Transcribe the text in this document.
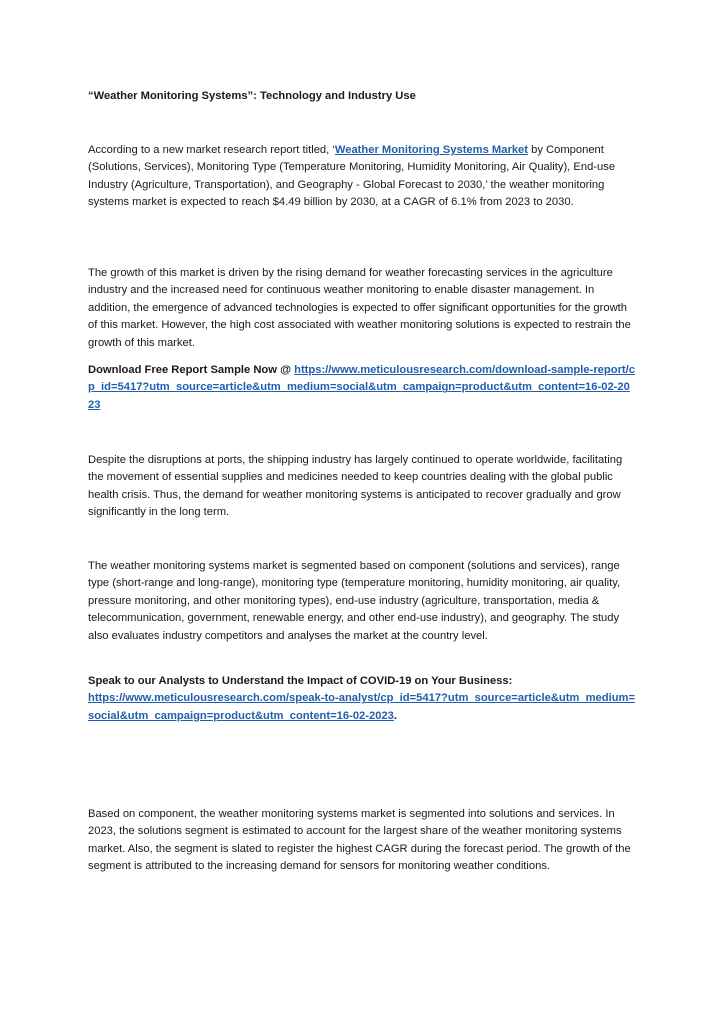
“Weather Monitoring Systems”: Technology and Industry Use

According to a new market research report titled, ‘Weather Monitoring Systems Market by Component (Solutions, Services), Monitoring Type (Temperature Monitoring, Humidity Monitoring, Air Quality), End-use Industry (Agriculture, Transportation), and Geography - Global Forecast to 2030,’ the weather monitoring systems market is expected to reach $4.49 billion by 2030, at a CAGR of 6.1% from 2023 to 2030.

The growth of this market is driven by the rising demand for weather forecasting services in the agriculture industry and the increased need for continuous weather monitoring to enable disaster management. In addition, the emergence of advanced technologies is expected to offer significant opportunities for the growth of this market. However, the high cost associated with weather monitoring solutions is expected to restrain the growth of this market.

Download Free Report Sample Now @ https://www.meticulousresearch.com/download-sample-report/cp_id=5417?utm_source=article&utm_medium=social&utm_campaign=product&utm_content=16-02-2023

Despite the disruptions at ports, the shipping industry has largely continued to operate worldwide, facilitating the movement of essential supplies and medicines needed to keep countries dealing with the global public health crisis. Thus, the demand for weather monitoring systems is anticipated to recover gradually and grow significantly in the long term.

The weather monitoring systems market is segmented based on component (solutions and services), range type (short-range and long-range), monitoring type (temperature monitoring, humidity monitoring, air quality, pressure monitoring, and other monitoring types), end-use industry (agriculture, transportation, media & telecommunication, government, renewable energy, and other end-use industry), and geography. The study also evaluates industry competitors and analyses the market at the country level.

Speak to our Analysts to Understand the Impact of COVID-19 on Your Business:

https://www.meticulousresearch.com/speak-to-analyst/cp_id=5417?utm_source=article&utm_medium=social&utm_campaign=product&utm_content=16-02-2023.

Based on component, the weather monitoring systems market is segmented into solutions and services. In 2023, the solutions segment is estimated to account for the largest share of the weather monitoring systems market. Also, the segment is slated to register the highest CAGR during the forecast period. The growth of the segment is attributed to the increasing demand for sensors for monitoring weather conditions.
